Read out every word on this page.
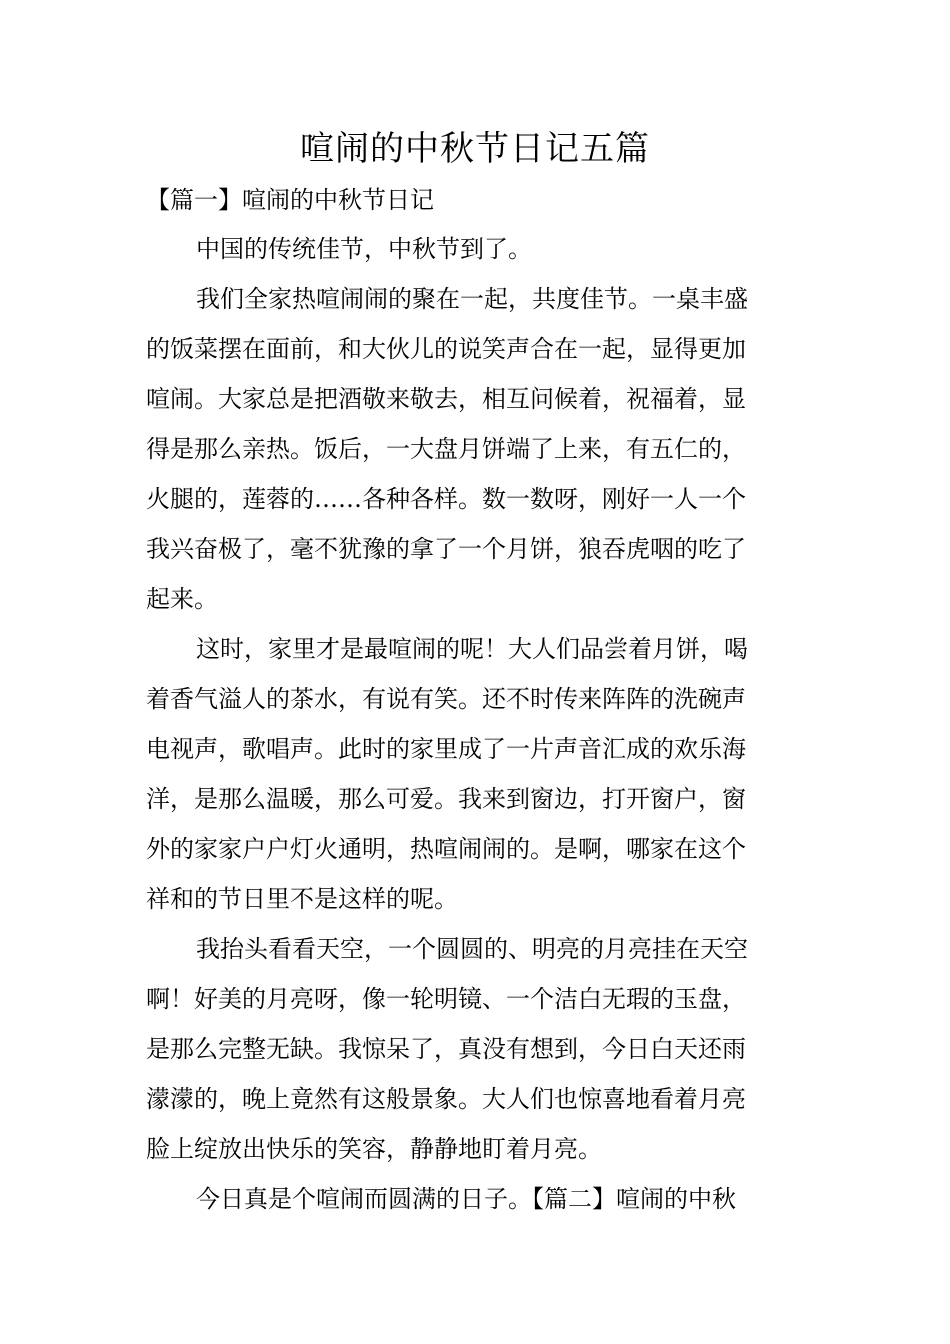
喧闹的中秋节日记五篇
【篇一】喧闹的中秋节日记
中国的传统佳节，中秋节到了。
我们全家热喧闹闹的聚在一起，共度佳节。一桌丰盛
的饭菜摆在面前，和大伙儿的说笑声合在一起，显得更加
喧闹。大家总是把酒敬来敬去，相互问候着，祝福着，显
得是那么亲热。饭后，一大盘月饼端了上来，有五仁的，
火腿的，莲蓉的……各种各样。数一数呀，刚好一人一个
我兴奋极了，毫不犹豫的拿了一个月饼，狼吞虎咽的吃了
起来。
这时，家里才是最喧闹的呢！大人们品尝着月饼，喝
着香气溢人的茶水，有说有笑。还不时传来阵阵的洗碗声
电视声，歌唱声。此时的家里成了一片声音汇成的欢乐海
洋，是那么温暖，那么可爱。我来到窗边，打开窗户，窗
外的家家户户灯火通明，热喧闹闹的。是啊，哪家在这个
祥和的节日里不是这样的呢。
我抬头看看天空，一个圆圆的、明亮的月亮挂在天空
啊！好美的月亮呀，像一轮明镜、一个洁白无瑕的玉盘，
是那么完整无缺。我惊呆了，真没有想到，今日白天还雨
濛濛的，晚上竟然有这般景象。大人们也惊喜地看着月亮
脸上绽放出快乐的笑容，静静地盯着月亮。
今日真是个喧闹而圆满的日子。【篇二】喧闹的中秋
